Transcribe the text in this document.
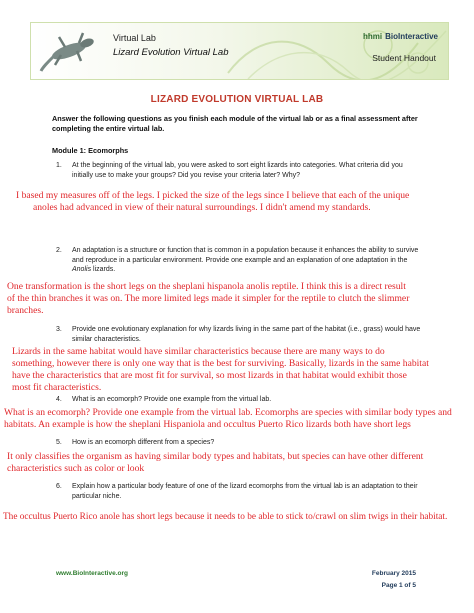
Virtual Lab
Lizard Evolution Virtual Lab
hhmi BioInteractive
Student Handout
LIZARD EVOLUTION VIRTUAL LAB
Answer the following questions as you finish each module of the virtual lab or as a final assessment after completing the entire virtual lab.
Module 1: Ecomorphs
1.	At the beginning of the virtual lab, you were asked to sort eight lizards into categories. What criteria did you initially use to make your groups? Did you revise your criteria later? Why?
I based my measures off of the legs. I picked the size of the legs since I believe that each of the unique
anoles had advanced in view of their natural surroundings. I didn't amend my standards.
2.	An adaptation is a structure or function that is common in a population because it enhances the ability to survive and reproduce in a particular environment. Provide one example and an explanation of one adaptation in the Anolis lizards.
One transformation is the short legs on the sheplani hispanola anolis reptile. I think this is a direct result
of the thin branches it was on. The more limited legs made it simpler for the reptile to clutch the slimmer
branches.
3.	Provide one evolutionary explanation for why lizards living in the same part of the habitat (i.e., grass) would have similar characteristics.
Lizards in the same habitat would have similar characteristics because there are many ways to do
something, however there is only one way that is the best for surviving. Basically, lizards in the same habitat
have the characteristics that are most fit for survival, so most lizards in that habitat would exhibit those
most fit characteristics.
4.	What is an ecomorph? Provide one example from the virtual lab.
What is an ecomorph? Provide one example from the virtual lab. Ecomorphs are species with similar body types and
habitats. An example is how the sheplani Hispaniola and occultus Puerto Rico lizards both have short legs
5.	How is an ecomorph different from a species?
It only classifies the organism as having similar body types and habitats, but species can have other different
characteristics such as color or look
6.	Explain how a particular body feature of one of the lizard ecomorphs from the virtual lab is an adaptation to their particular niche.
The occultus Puerto Rico anole has short legs because it needs to be able to stick to/crawl on slim twigs in their habitat.
www.BioInteractive.org	February 2015
Page 1 of 5
